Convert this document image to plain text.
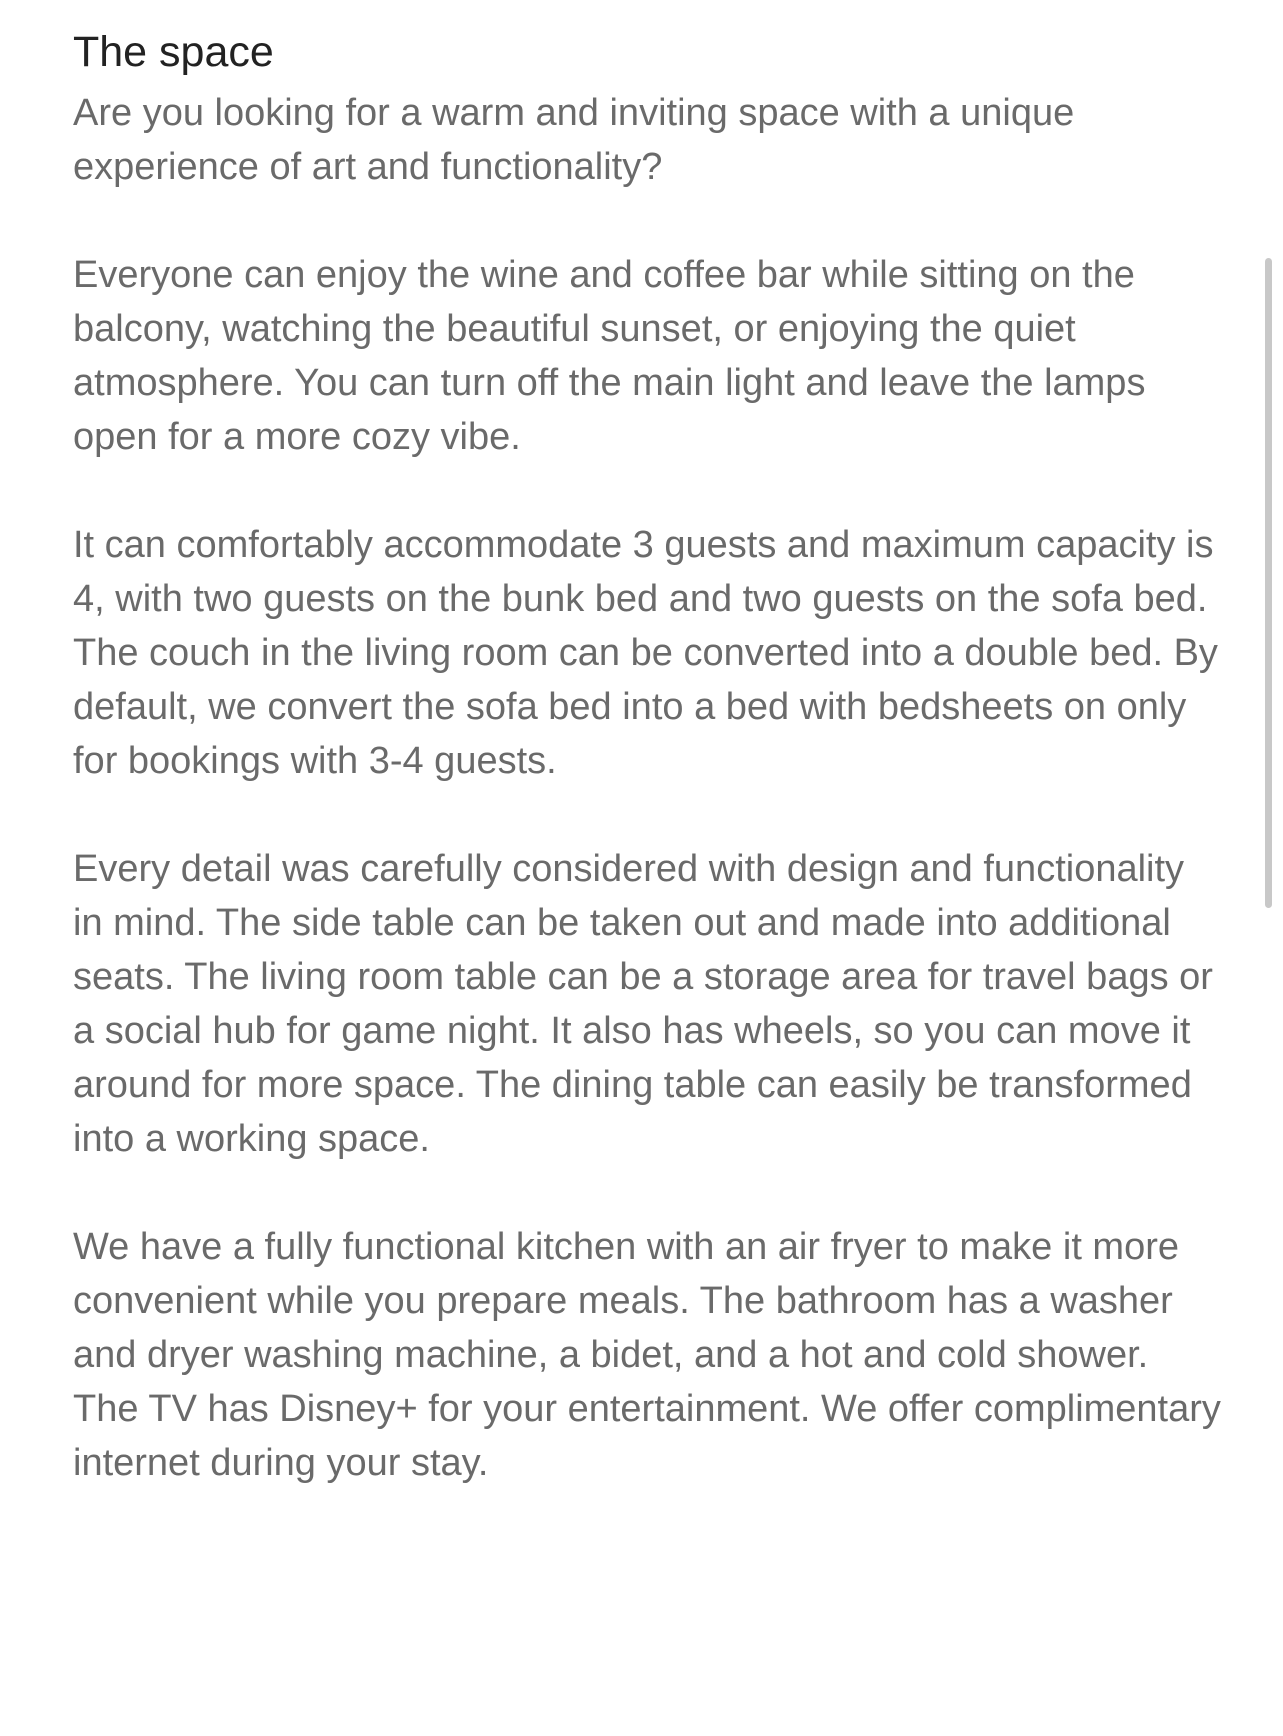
The space

Are you looking for a warm and inviting space with a unique experience of art and functionality?

Everyone can enjoy the wine and coffee bar while sitting on the balcony, watching the beautiful sunset, or enjoying the quiet atmosphere. You can turn off the main light and leave the lamps open for a more cozy vibe.

It can comfortably accommodate 3 guests and maximum capacity is 4, with two guests on the bunk bed and two guests on the sofa bed. The couch in the living room can be converted into a double bed. By default, we convert the sofa bed into a bed with bedsheets on only for bookings with 3-4 guests.

Every detail was carefully considered with design and functionality in mind. The side table can be taken out and made into additional seats. The living room table can be a storage area for travel bags or a social hub for game night. It also has wheels, so you can move it around for more space. The dining table can easily be transformed into a working space.

We have a fully functional kitchen with an air fryer to make it more convenient while you prepare meals. The bathroom has a washer and dryer washing machine, a bidet, and a hot and cold shower. The TV has Disney+ for your entertainment. We offer complimentary internet during your stay.
